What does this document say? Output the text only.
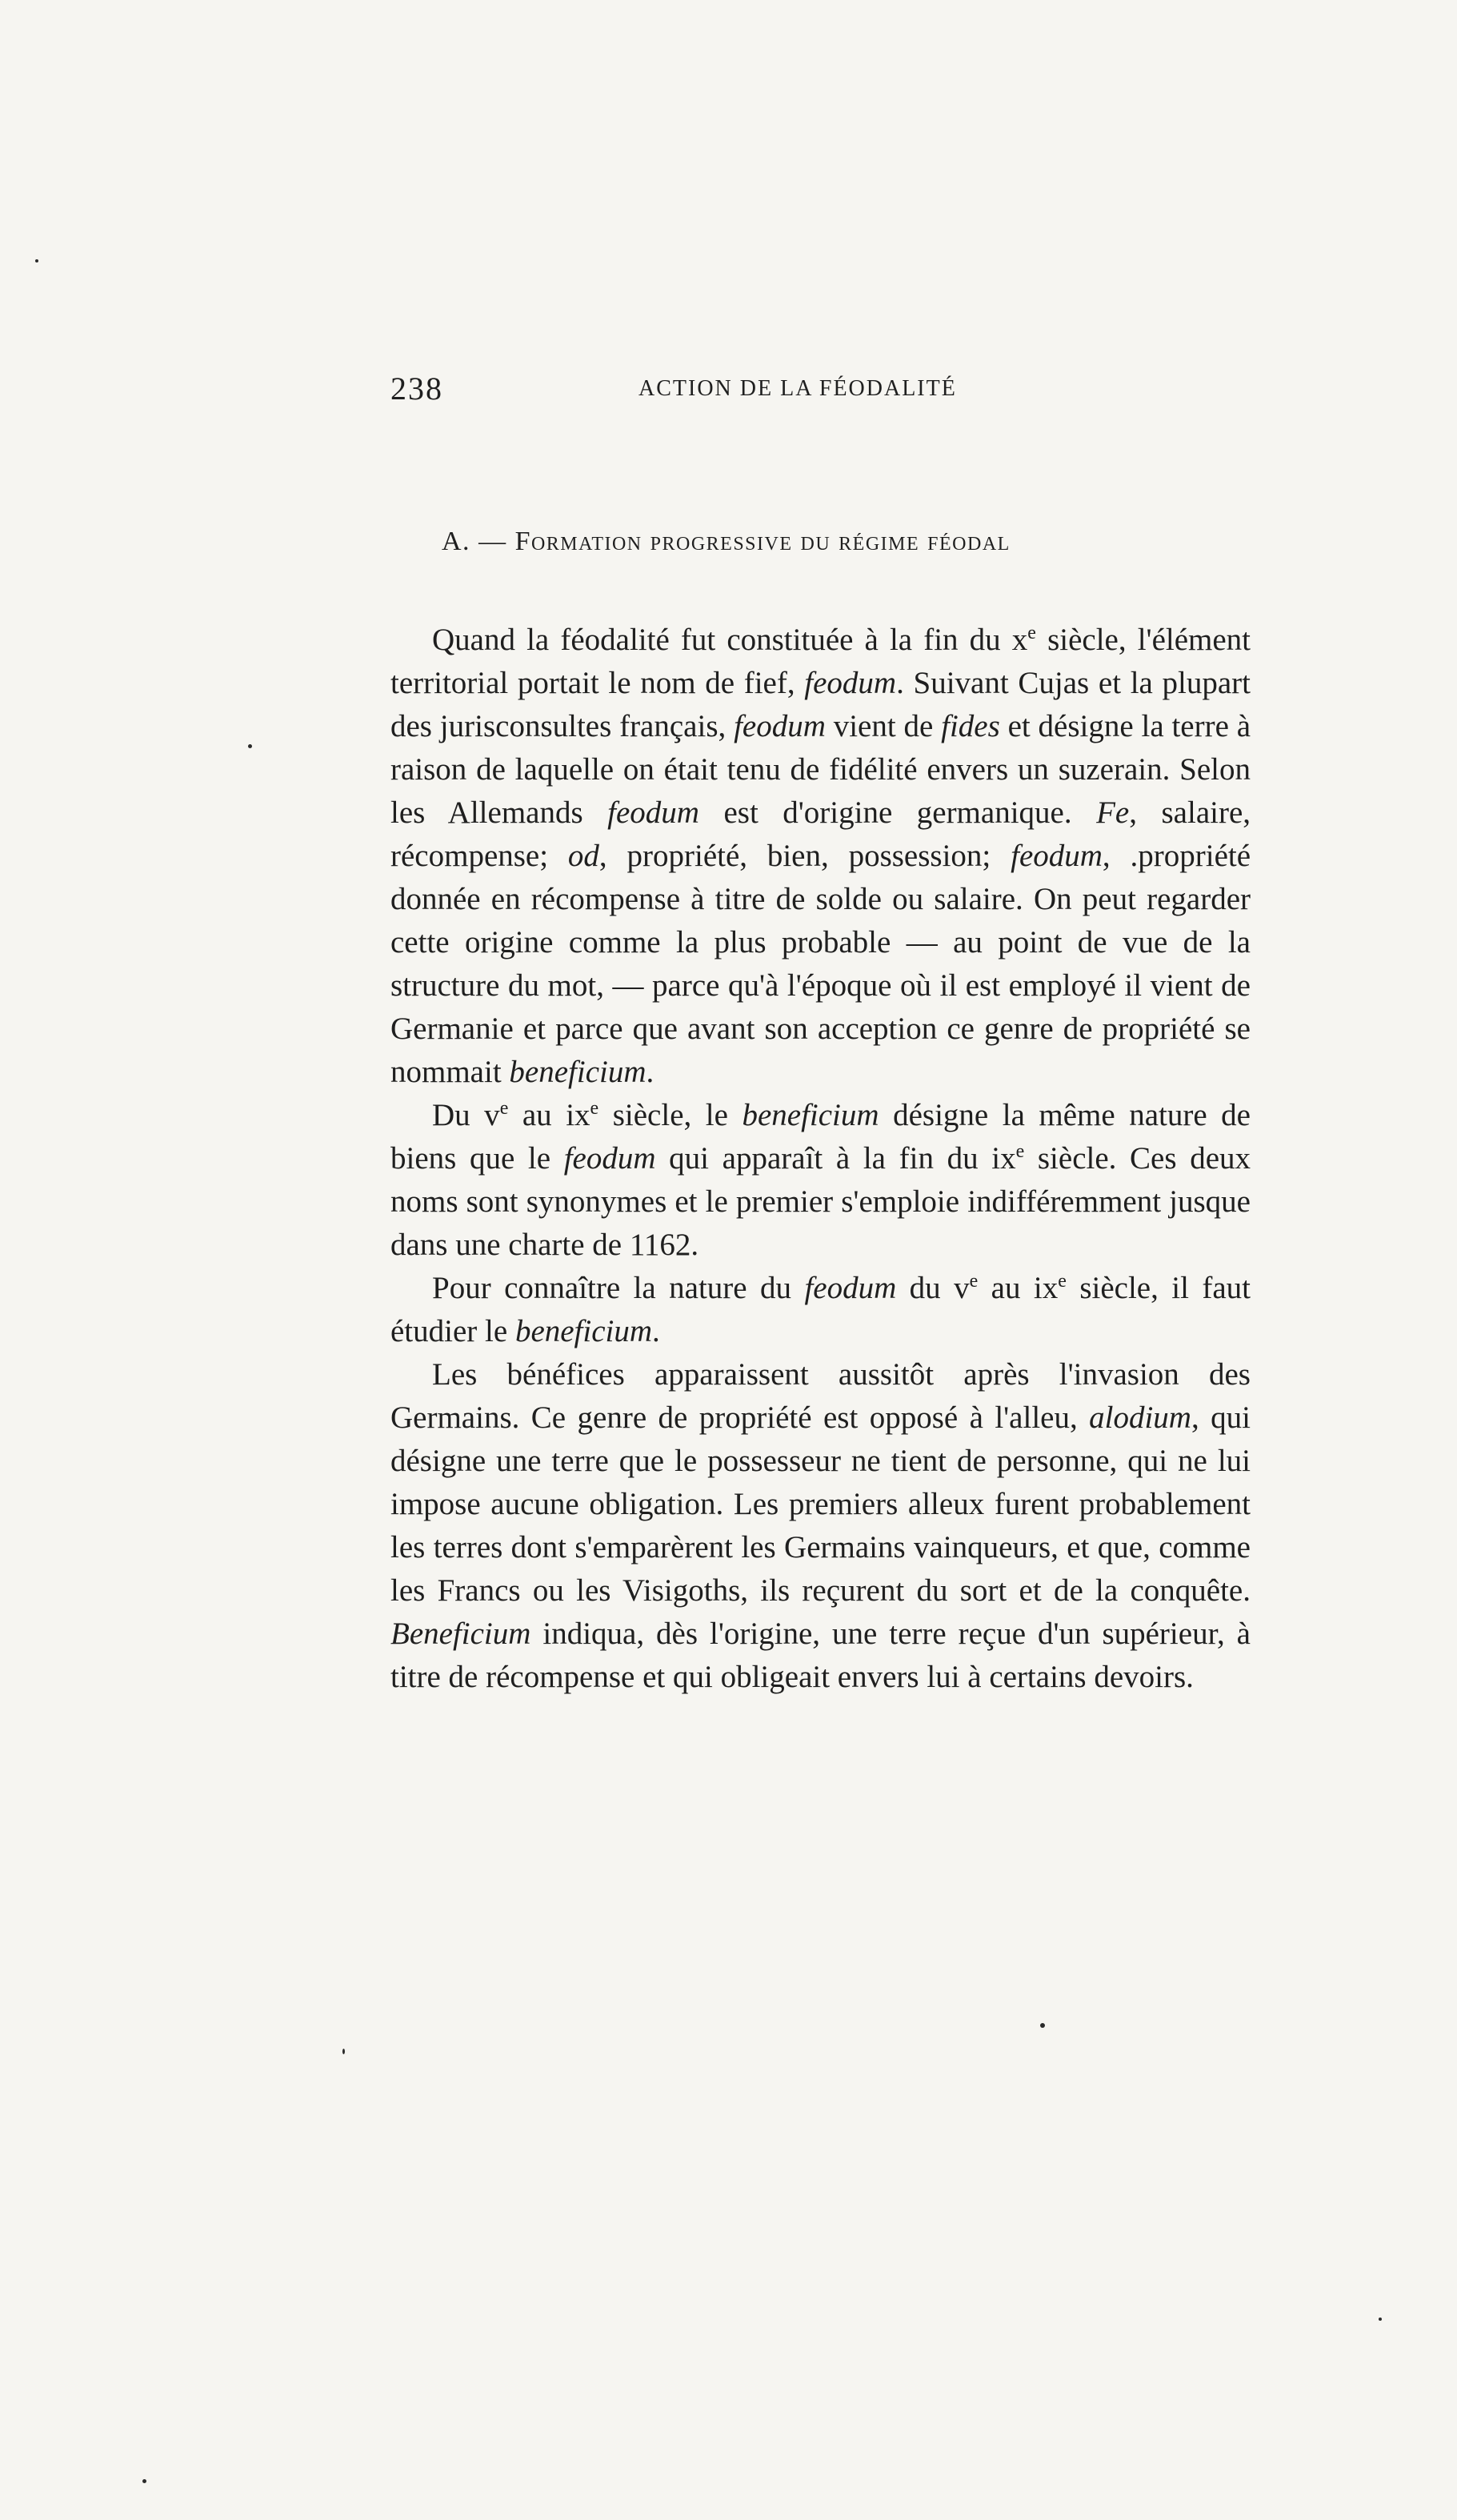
238	ACTION DE LA FÉODALITÉ
A. — Formation progressive du régime féodal

Quand la féodalité fut constituée à la fin du $x^e$ siècle, l'élément territorial portait le nom de fief, feodum. Suivant Cujas et la plupart des jurisconsultes français, feodum vient de fides et désigne la terre à raison de laquelle on était tenu de fidélité envers un suzerain. Selon les Allemands feodum est d'origine germanique. Fe, salaire, récompense; od, propriété, bien, possession; feodum, .propriété donnée en récompense à titre de solde ou salaire. On peut regarder cette origine comme la plus probable — au point de vue de la structure du mot, — parce qu'à l'époque où il est employé il vient de Germanie et parce que avant son acception ce genre de propriété se nommait beneficium.

Du $v^e$ au $ix^e$ siècle, le beneficium désigne la même nature de biens que le feodum qui apparaît à la fin du $ix^e$ siècle. Ces deux noms sont synonymes et le premier s'emploie indifféremment jusque dans une charte de 1162.

Pour connaître la nature du feodum du $v^e$ au $ix^e$ siècle, il faut étudier le beneficium.

Les bénéfices apparaissent aussitôt après l'invasion des Germains. Ce genre de propriété est opposé à l'alleu, alodium, qui désigne une terre que le possesseur ne tient de personne, qui ne lui impose aucune obligation. Les premiers alleux furent probablement les terres dont s'emparèrent les Germains vainqueurs, et que, comme les Francs ou les Visigoths, ils reçurent du sort et de la conquête. Beneficium indiqua, dès l'origine, une terre reçue d'un supérieur, à titre de récompense et qui obligeait envers lui à certains devoirs.
